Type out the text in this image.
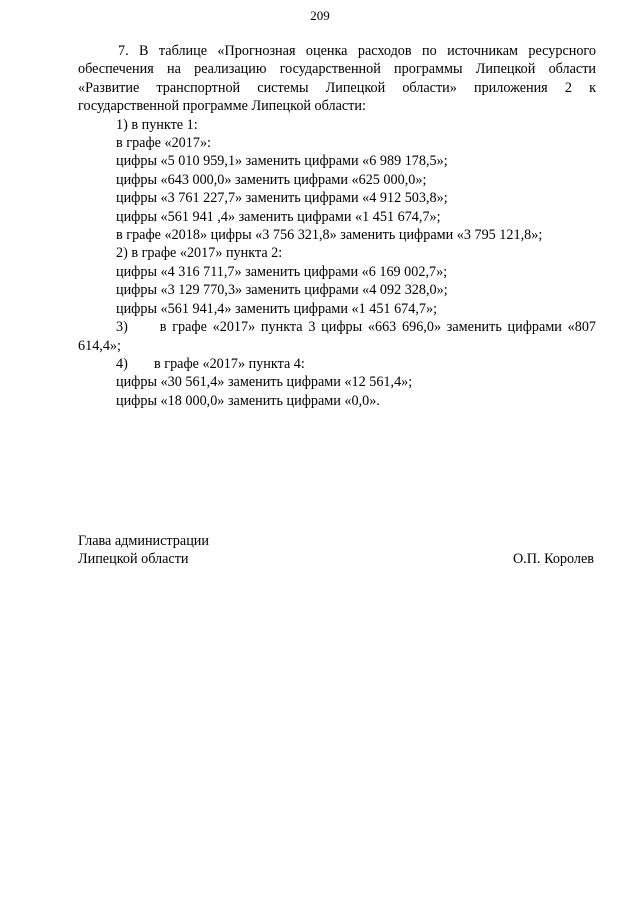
209

7. В таблице «Прогнозная оценка расходов по источникам ресурсного обеспечения на реализацию государственной программы Липецкой области «Развитие транспортной системы Липецкой области» приложения 2 к государственной программе Липецкой области:

1) в пункте 1:

в графе «2017»:

цифры «5 010 959,1» заменить цифрами «6 989 178,5»;

цифры «643 000,0» заменить цифрами «625 000,0»;

цифры «3 761 227,7» заменить цифрами «4 912 503,8»;

цифры «561 941 ,4» заменить цифрами «1 451 674,7»;

в графе «2018» цифры «3 756 321,8» заменить цифрами «3 795 121,8»;

2) в графе «2017» пункта 2:

цифры «4 316 711,7» заменить цифрами «6 169 002,7»;

цифры «3 129 770,3» заменить цифрами «4 092 328,0»;

цифры «561 941,4» заменить цифрами «1 451 674,7»;

3) в графе «2017» пункта 3 цифры «663 696,0» заменить цифрами «807 614,4»;

4) в графе «2017» пункта 4:

цифры «30 561,4» заменить цифрами «12 561,4»;

цифры «18 000,0» заменить цифрами «0,0».

Глава администрации
Липецкой области	О.П. Королев
